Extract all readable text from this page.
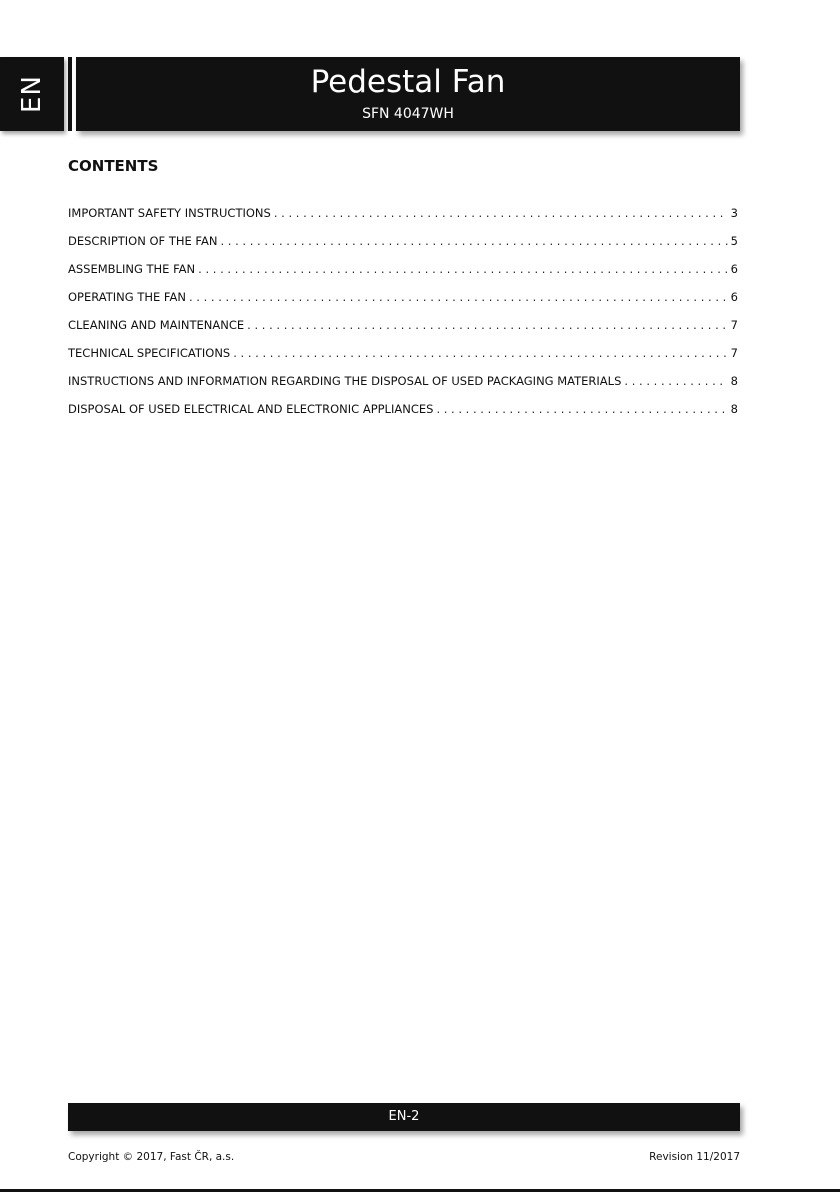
EN	Pedestal Fan
SFN 4047WH
CONTENTS
IMPORTANT SAFETY INSTRUCTIONS . . .	3
DESCRIPTION OF THE FAN . . .	5
ASSEMBLING THE FAN . . .	6
OPERATING THE FAN . . .	6
CLEANING AND MAINTENANCE . . .	7
TECHNICAL SPECIFICATIONS . . .	7
INSTRUCTIONS AND INFORMATION REGARDING THE DISPOSAL OF USED PACKAGING MATERIALS . . .	8
DISPOSAL OF USED ELECTRICAL AND ELECTRONIC APPLIANCES . . .	8
EN-2
Copyright © 2017, Fast ČR, a.s.	Revision 11/2017
